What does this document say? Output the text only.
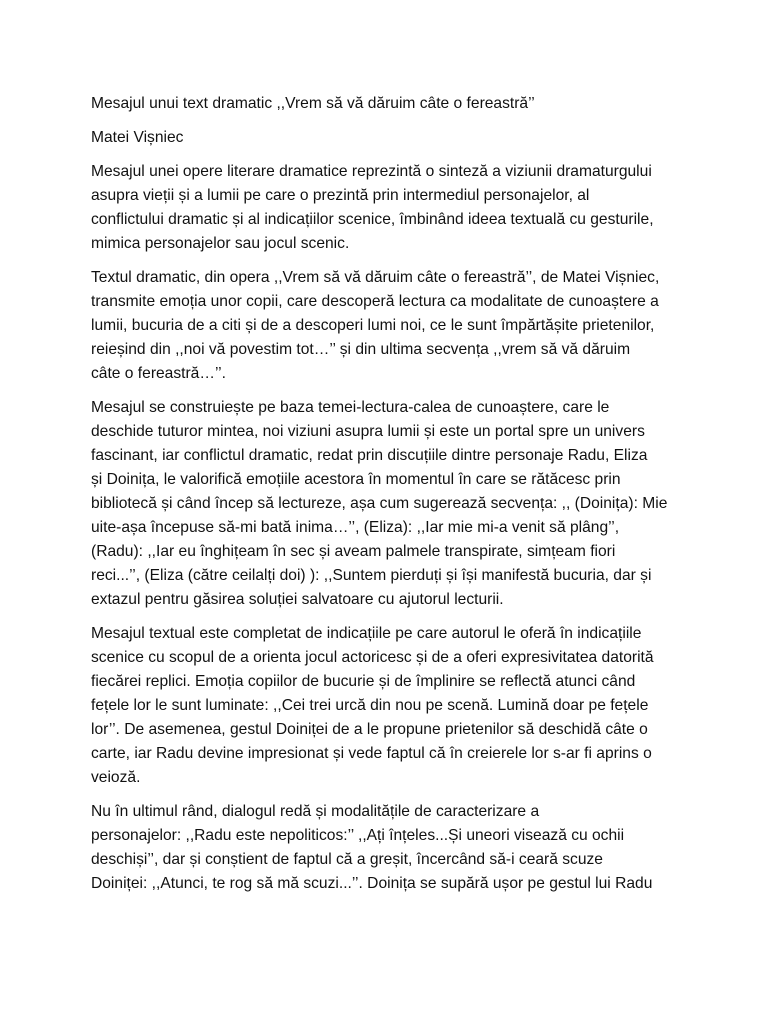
Mesajul unui text dramatic ,,Vrem să vă dăruim câte o fereastră’’

Matei Vișniec

Mesajul unei opere literare dramatice reprezintă o sinteză a viziunii dramaturgului
asupra vieții și a lumii pe care o prezintă prin intermediul personajelor, al
conflictului dramatic și al indicațiilor scenice, îmbinând ideea textuală cu gesturile,
mimica personajelor sau jocul scenic.

Textul dramatic, din opera ,,Vrem să vă dăruim câte o fereastră’’, de Matei Vișniec,
transmite emoția unor copii, care descoperă lectura ca modalitate de cunoaștere a
lumii, bucuria de a citi și de a descoperi lumi noi, ce le sunt împărtășite prietenilor,
reieșind din ,,noi vă povestim tot…’’ și din ultima secvența ,,vrem să vă dăruim
câte o fereastră…’’.

Mesajul se construiește pe baza temei-lectura-calea de cunoaștere, care le
deschide tuturor mintea, noi viziuni asupra lumii și este un portal spre un univers
fascinant, iar conflictul dramatic, redat prin discuțiile dintre personaje Radu, Eliza
și Doinița, le valorifică emoțiile acestora în momentul în care se rătăcesc prin
bibliotecă și când încep să lectureze, așa cum sugerează secvența: ,, (Doinița): Mie
uite-așa începuse să-mi bată inima…’’, (Eliza): ,,Iar mie mi-a venit să plâng’’,
(Radu): ,,Iar eu înghițeam în sec și aveam palmele transpirate, simțeam fiori
reci...’’, (Eliza (către ceilalți doi) ): ,,Suntem pierduți și își manifestă bucuria, dar și
extazul pentru găsirea soluției salvatoare cu ajutorul lecturii.

Mesajul textual este completat de indicațiile pe care autorul le oferă în indicațiile
scenice cu scopul de a orienta jocul actoricesc și de a oferi expresivitatea datorită
fiecărei replici. Emoția copiilor de bucurie și de împlinire se reflectă atunci când
fețele lor le sunt luminate: ,,Cei trei urcă din nou pe scenă. Lumină doar pe fețele
lor’’. De asemenea, gestul Doiniței de a le propune prietenilor să deschidă câte o
carte, iar Radu devine impresionat și vede faptul că în creierele lor s-ar fi aprins o
veioză.

Nu în ultimul rând, dialogul redă și modalitățile de caracterizare a
personajelor: ,,Radu este nepoliticos:’’ ,,Ați înțeles...Și uneori visează cu ochii
deschiși’’, dar și conștient de faptul că a greșit, încercând să-i ceară scuze
Doiniței: ,,Atunci, te rog să mă scuzi...’’. Doinița se supără ușor pe gestul lui Radu
